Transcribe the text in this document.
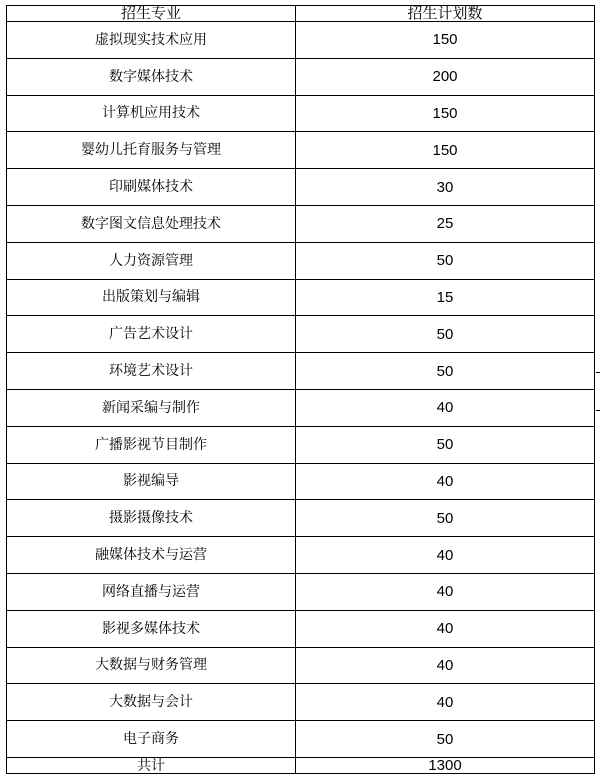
招生专业	招生计划数
虚拟现实技术应用	150
数字媒体技术	200
计算机应用技术	150
婴幼儿托育服务与管理	150
印刷媒体技术	30
数字图文信息处理技术	25
人力资源管理	50
出版策划与编辑	15
广告艺术设计	50
环境艺术设计	50
新闻采编与制作	40
广播影视节目制作	50
影视编导	40
摄影摄像技术	50
融媒体技术与运营	40
网络直播与运营	40
影视多媒体技术	40
大数据与财务管理	40
大数据与会计	40
电子商务	50
共计	1300
